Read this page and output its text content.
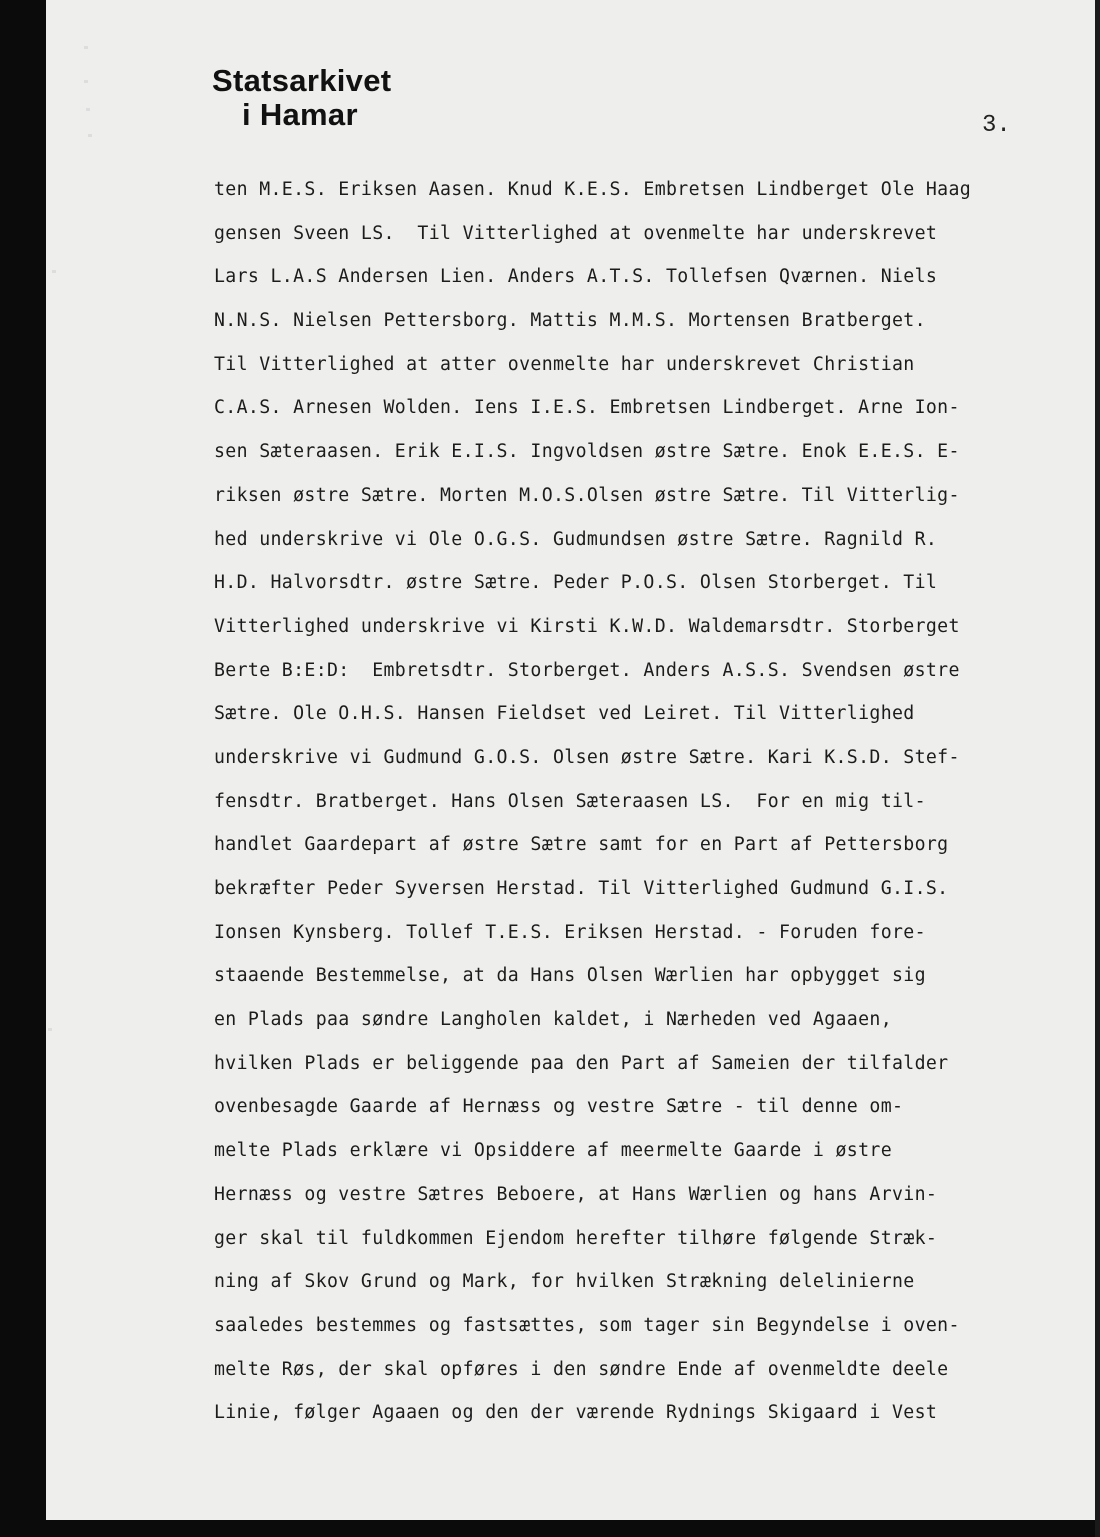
Statsarkivet
i Hamar	3.
ten M.E.S. Eriksen Aasen. Knud K.E.S. Embretsen Lindberget Ole Haag
gensen Sveen LS.  Til Vitterlighed at ovenmelte har underskrevet
Lars L.A.S Andersen Lien. Anders A.T.S. Tollefsen Qværnen. Niels
N.N.S. Nielsen Pettersborg. Mattis M.M.S. Mortensen Bratberget.
Til Vitterlighed at atter ovenmelte har underskrevet Christian
C.A.S. Arnesen Wolden. Iens I.E.S. Embretsen Lindberget. Arne Ion-
sen Sæteraasen. Erik E.I.S. Ingvoldsen østre Sætre. Enok E.E.S. E-
riksen østre Sætre. Morten M.O.S.Olsen østre Sætre. Til Vitterlig-
hed underskrive vi Ole O.G.S. Gudmundsen østre Sætre. Ragnild R.
H.D. Halvorsdtr. østre Sætre. Peder P.O.S. Olsen Storberget. Til
Vitterlighed underskrive vi Kirsti K.W.D. Waldemarsdtr. Storberget
Berte B:E:D:  Embretsdtr. Storberget. Anders A.S.S. Svendsen østre
Sætre. Ole O.H.S. Hansen Fieldset ved Leiret. Til Vitterlighed
underskrive vi Gudmund G.O.S. Olsen østre Sætre. Kari K.S.D. Stef-
fensdtr. Bratberget. Hans Olsen Sæteraasen LS.  For en mig til-
handlet Gaardepart af østre Sætre samt for en Part af Pettersborg
bekræfter Peder Syversen Herstad. Til Vitterlighed Gudmund G.I.S.
Ionsen Kynsberg. Tollef T.E.S. Eriksen Herstad. - Foruden fore-
staaende Bestemmelse, at da Hans Olsen Wærlien har opbygget sig
en Plads paa søndre Langholen kaldet, i Nærheden ved Agaaen,
hvilken Plads er beliggende paa den Part af Sameien der tilfalder
ovenbesagde Gaarde af Hernæss og vestre Sætre - til denne om-
melte Plads erklære vi Opsiddere af meermelte Gaarde i østre
Hernæss og vestre Sætres Beboere, at Hans Wærlien og hans Arvin-
ger skal til fuldkommen Ejendom herefter tilhøre følgende Stræk-
ning af Skov Grund og Mark, for hvilken Strækning delelinierne
saaledes bestemmes og fastsættes, som tager sin Begyndelse i oven-
melte Røs, der skal opføres i den søndre Ende af ovenmeldte deele
Linie, følger Agaaen og den der værende Rydnings Skigaard i Vest
